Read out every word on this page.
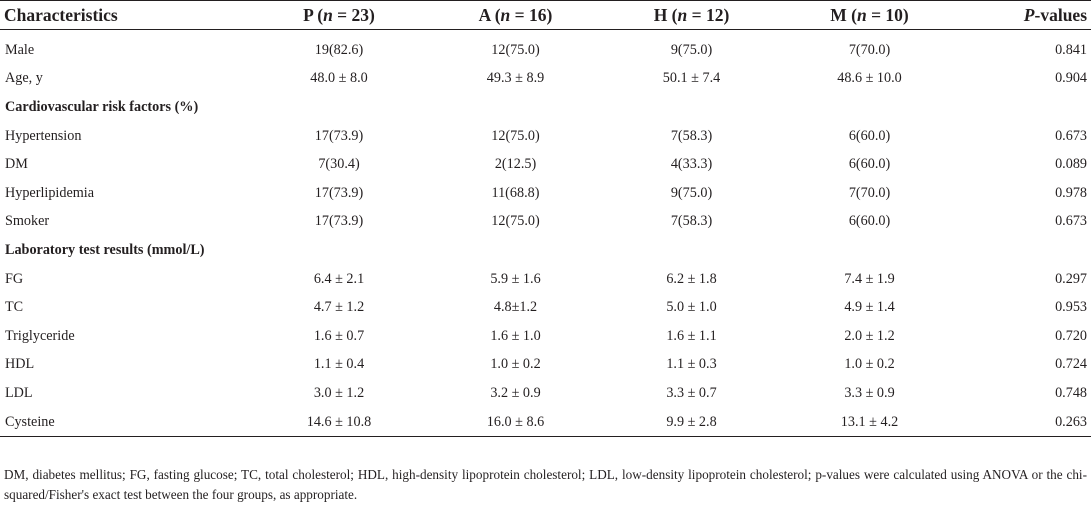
Characteristics	P (n = 23)	A (n = 16)	H (n = 12)	M (n = 10)	P-values

Male	19(82.6)	12(75.0)	9(75.0)	7(70.0)	0.841
Age, y	48.0 ± 8.0	49.3 ± 8.9	50.1 ± 7.4	48.6 ± 10.0	0.904
Cardiovascular risk factors (%)					
Hypertension	17(73.9)	12(75.0)	7(58.3)	6(60.0)	0.673
DM	7(30.4)	2(12.5)	4(33.3)	6(60.0)	0.089
Hyperlipidemia	17(73.9)	11(68.8)	9(75.0)	7(70.0)	0.978
Smoker	17(73.9)	12(75.0)	7(58.3)	6(60.0)	0.673
Laboratory test results (mmol/L)					
FG	6.4 ± 2.1	5.9 ± 1.6	6.2 ± 1.8	7.4 ± 1.9	0.297
TC	4.7 ± 1.2	4.8±1.2	5.0 ± 1.0	4.9 ± 1.4	0.953
Triglyceride	1.6 ± 0.7	1.6 ± 1.0	1.6 ± 1.1	2.0 ± 1.2	0.720
HDL	1.1 ± 0.4	1.0 ± 0.2	1.1 ± 0.3	1.0 ± 0.2	0.724
LDL	3.0 ± 1.2	3.2 ± 0.9	3.3 ± 0.7	3.3 ± 0.9	0.748
Cysteine	14.6 ± 10.8	16.0 ± 8.6	9.9 ± 2.8	13.1 ± 4.2	0.263
DM, diabetes mellitus; FG, fasting glucose; TC, total cholesterol; HDL, high-density lipoprotein cholesterol; LDL, low-density lipoprotein cholesterol; p-values were calculated using ANOVA or the chi-squared/Fisher's exact test between the four groups, as appropriate.
